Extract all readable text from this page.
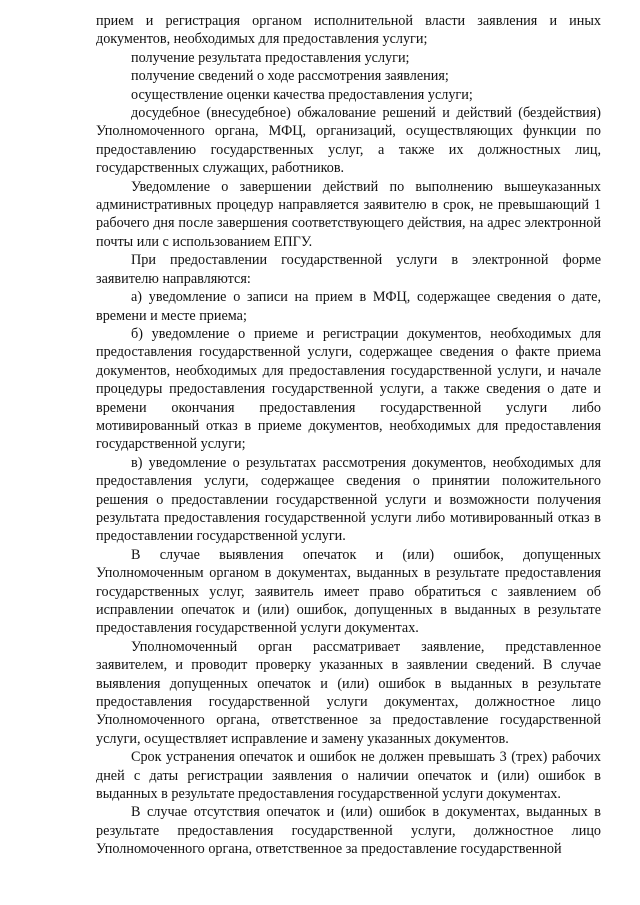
прием и регистрация органом исполнительной власти заявления и иных документов, необходимых для предоставления услуги;

получение результата предоставления услуги;

получение сведений о ходе рассмотрения заявления;

осуществление оценки качества предоставления услуги;

досудебное (внесудебное) обжалование решений и действий (бездействия) Уполномоченного органа, МФЦ, организаций, осуществляющих функции по предоставлению государственных услуг, а также их должностных лиц, государственных служащих, работников.

Уведомление о завершении действий по выполнению вышеуказанных административных процедур направляется заявителю в срок, не превышающий 1 рабочего дня после завершения соответствующего действия, на адрес электронной почты или с использованием ЕПГУ.

При предоставлении государственной услуги в электронной форме заявителю направляются:

а) уведомление о записи на прием в МФЦ, содержащее сведения о дате, времени и месте приема;

б) уведомление о приеме и регистрации документов, необходимых для предоставления государственной услуги, содержащее сведения о факте приема документов, необходимых для предоставления государственной услуги, и начале процедуры предоставления государственной услуги, а также сведения о дате и времени окончания предоставления государственной услуги либо мотивированный отказ в приеме документов, необходимых для предоставления государственной услуги;

в) уведомление о результатах рассмотрения документов, необходимых для предоставления услуги, содержащее сведения о принятии положительного решения о предоставлении государственной услуги и возможности получения результата предоставления государственной услуги либо мотивированный отказ в предоставлении государственной услуги.

В случае выявления опечаток и (или) ошибок, допущенных Уполномоченным органом в документах, выданных в результате предоставления государственных услуг, заявитель имеет право обратиться с заявлением об исправлении опечаток и (или) ошибок, допущенных в выданных в результате предоставления государственной услуги документах.

Уполномоченный орган рассматривает заявление, представленное заявителем, и проводит проверку указанных в заявлении сведений. В случае выявления допущенных опечаток и (или) ошибок в выданных в результате предоставления государственной услуги документах, должностное лицо Уполномоченного органа, ответственное за предоставление государственной услуги, осуществляет исправление и замену указанных документов.

Срок устранения опечаток и ошибок не должен превышать 3 (трех) рабочих дней с даты регистрации заявления о наличии опечаток и (или) ошибок в выданных в результате предоставления государственной услуги документах.

В случае отсутствия опечаток и (или) ошибок в документах, выданных в результате предоставления государственной услуги, должностное лицо Уполномоченного органа, ответственное за предоставление государственной
